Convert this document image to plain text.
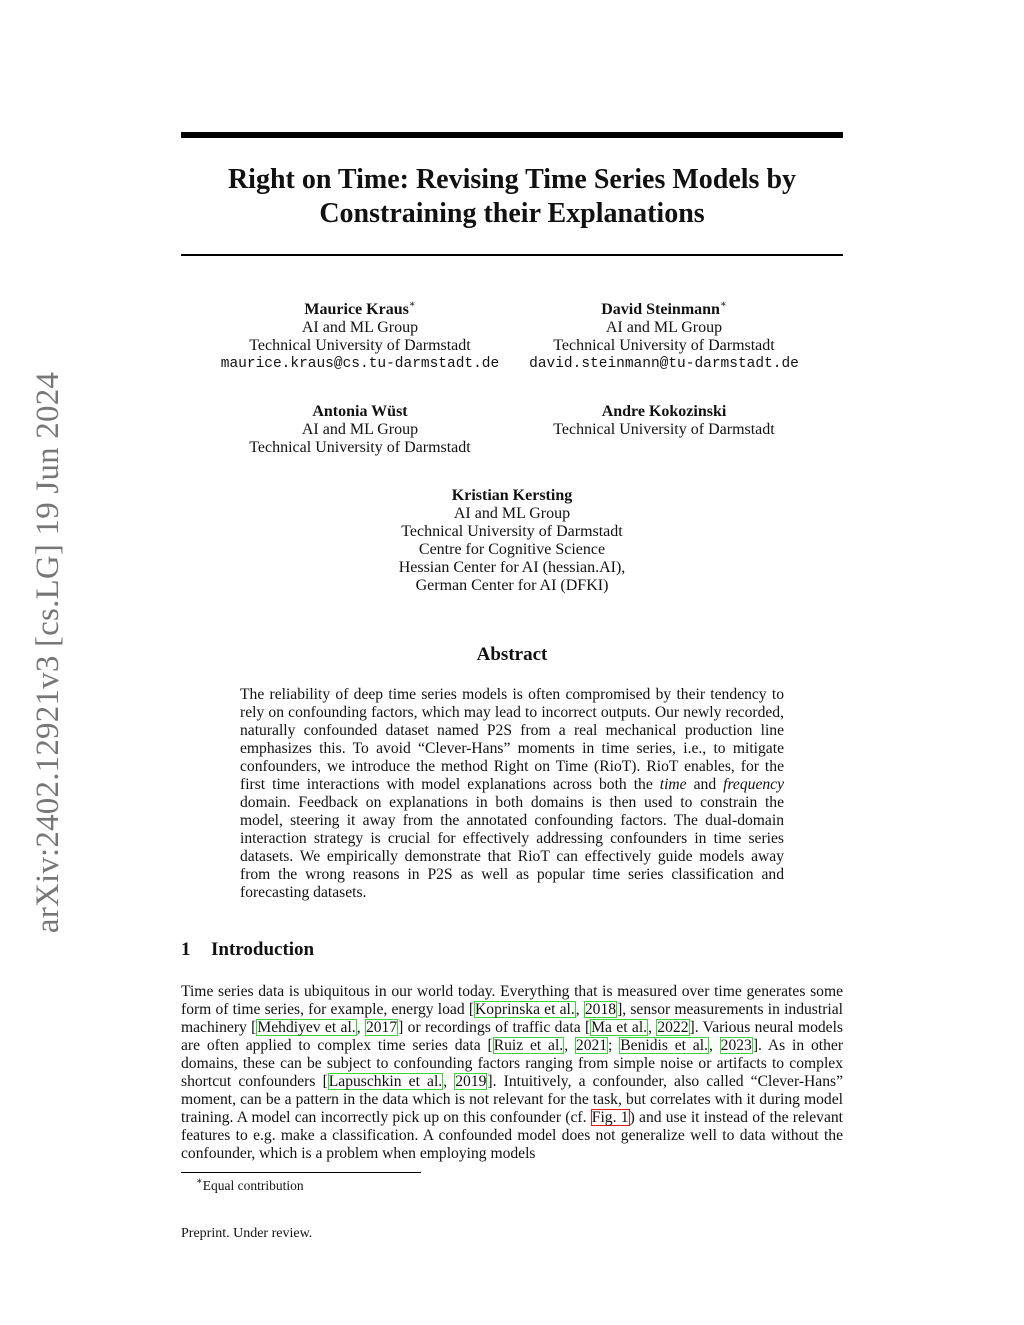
arXiv:2402.12921v3 [cs.LG] 19 Jun 2024
Right on Time: Revising Time Series Models by Constraining their Explanations
Maurice Kraus∗
AI and ML Group
Technical University of Darmstadt
maurice.kraus@cs.tu-darmstadt.de
David Steinmann∗
AI and ML Group
Technical University of Darmstadt
david.steinmann@tu-darmstadt.de
Antonia Wüst
AI and ML Group
Technical University of Darmstadt
Andre Kokozinski
Technical University of Darmstadt
Kristian Kersting
AI and ML Group
Technical University of Darmstadt
Centre for Cognitive Science
Hessian Center for AI (hessian.AI),
German Center for AI (DFKI)
Abstract

The reliability of deep time series models is often compromised by their tendency to rely on confounding factors, which may lead to incorrect outputs. Our newly recorded, naturally confounded dataset named P2S from a real mechanical production line emphasizes this. To avoid “Clever-Hans” moments in time series, i.e., to mitigate confounders, we introduce the method Right on Time (RioT). RioT enables, for the first time interactions with model explanations across both the time and frequency domain. Feedback on explanations in both domains is then used to constrain the model, steering it away from the annotated confounding factors. The dual-domain interaction strategy is crucial for effectively addressing confounders in time series datasets. We empirically demonstrate that RioT can effectively guide models away from the wrong reasons in P2S as well as popular time series classification and forecasting datasets.

1 Introduction

Time series data is ubiquitous in our world today. Everything that is measured over time generates some form of time series, for example, energy load [Koprinska et al., 2018], sensor measurements in industrial machinery [Mehdiyev et al., 2017] or recordings of traffic data [Ma et al., 2022]. Various neural models are often applied to complex time series data [Ruiz et al., 2021; Benidis et al., 2023]. As in other domains, these can be subject to confounding factors ranging from simple noise or artifacts to complex shortcut confounders [Lapuschkin et al., 2019]. Intuitively, a confounder, also called “Clever-Hans” moment, can be a pattern in the data which is not relevant for the task, but correlates with it during model training. A model can incorrectly pick up on this confounder (cf. Fig. 1) and use it instead of the relevant features to e.g. make a classification. A confounded model does not generalize well to data without the confounder, which is a problem when employing models

∗Equal contribution
Preprint. Under review.
